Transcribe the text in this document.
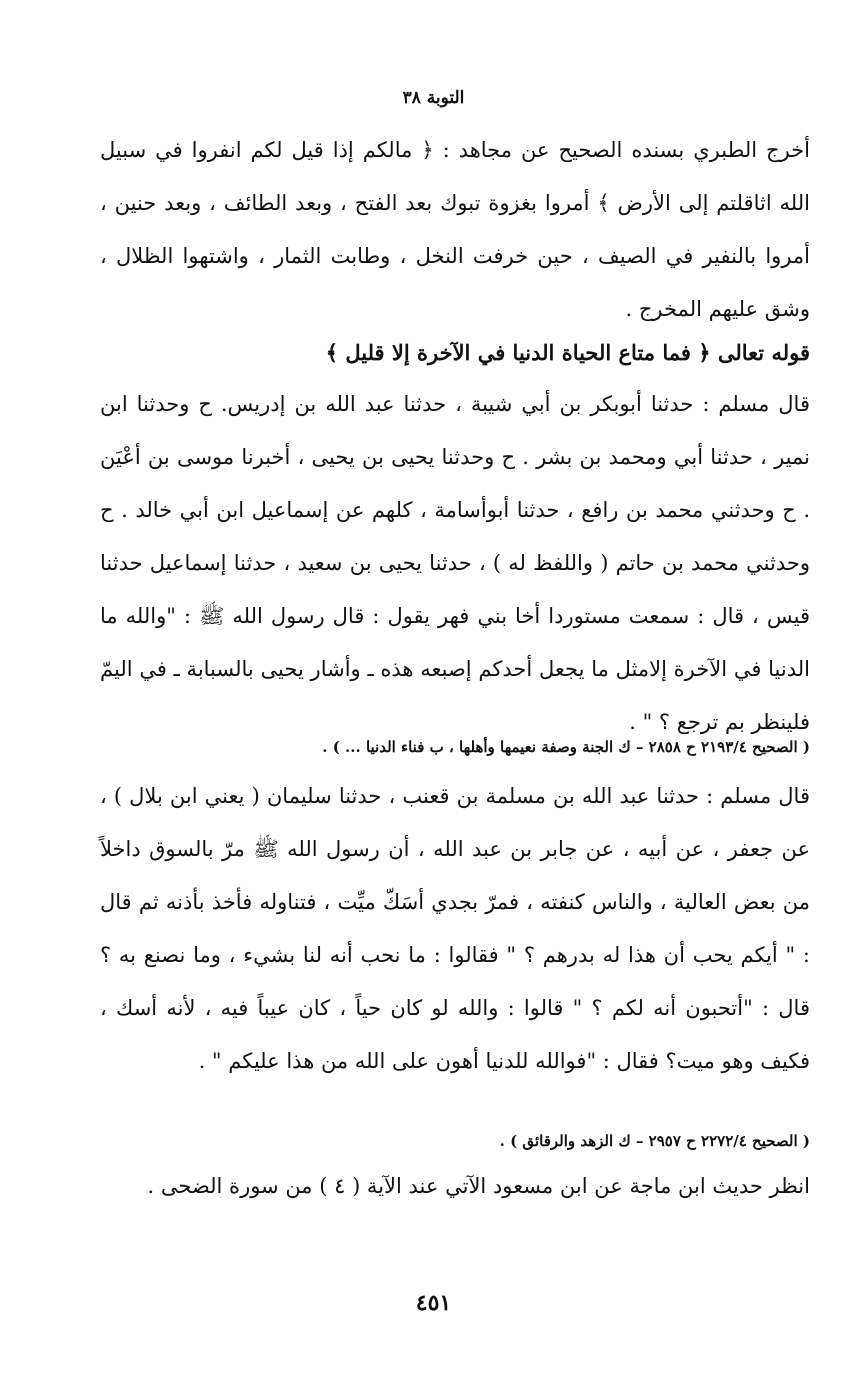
التوبة ٣٨

أخرج الطبري بسنده الصحيح عن مجاهد : ﴿ مالكم إذا قيل لكم انفروا في سبيل الله اثاقلتم إلى الأرض ﴾ أمروا بغزوة تبوك بعد الفتح ، وبعد الطائف ، وبعد حنين ، أمروا بالنفير في الصيف ، حين خرفت النخل ، وطابت الثمار ، واشتهوا الظلال ، وشق عليهم المخرج .

قوله تعالى ﴿ فما متاع الحياة الدنيا في الآخرة إلا قليل ﴾

قال مسلم : حدثنا أبوبكر بن أبي شيبة ، حدثنا عبد الله بن إدريس. ح وحدثنا ابن نمير ، حدثنا أبي ومحمد بن بشر . ح وحدثنا يحيى بن يحيى ، أخبرنا موسى بن أعْيَن . ح وحدثني محمد بن رافع ، حدثنا أبوأسامة ، كلهم عن إسماعيل ابن أبي خالد . ح وحدثني محمد بن حاتم ( واللفظ له ) ، حدثنا يحيى بن سعيد ، حدثنا إسماعيل حدثنا قيس ، قال : سمعت مستوردا أخا بني فهر يقول : قال رسول الله ﷺ : "والله ما الدنيا في الآخرة إلامثل ما يجعل أحدكم إصبعه هذه ـ وأشار يحيى بالسبابة ـ في اليمّ فلينظر بم ترجع ؟ " .

( الصحيح ٢١٩٣/٤ ح ٢٨٥٨ – ك الجنة وصفة نعيمها وأهلها ، ب فناء الدنيا ... ) .

قال مسلم : حدثنا عبد الله بن مسلمة بن قعنب ، حدثنا سليمان ( يعني ابن بلال ) ، عن جعفر ، عن أبيه ، عن جابر بن عبد الله ، أن رسول الله ﷺ مرّ بالسوق داخلاً من بعض العالية ، والناس كنفته ، فمرّ بجدي أسَكّ ميِّت ، فتناوله فأخذ بأذنه ثم قال : " أيكم يحب أن هذا له بدرهم ؟ " فقالوا : ما نحب أنه لنا بشيء ، وما نصنع به ؟ قال : "أتحبون أنه لكم ؟ " قالوا : والله لو كان حياً ، كان عيباً فيه ، لأنه أسك ، فكيف وهو ميت؟ فقال : "فوالله للدنيا أهون على الله من هذا عليكم " .

( الصحيح ٢٢٧٢/٤ ح ٢٩٥٧ – ك الزهد والرقائق ) .

انظر حديث ابن ماجة عن ابن مسعود الآتي عند الآية ( ٤ ) من سورة الضحى .

٤٥١
